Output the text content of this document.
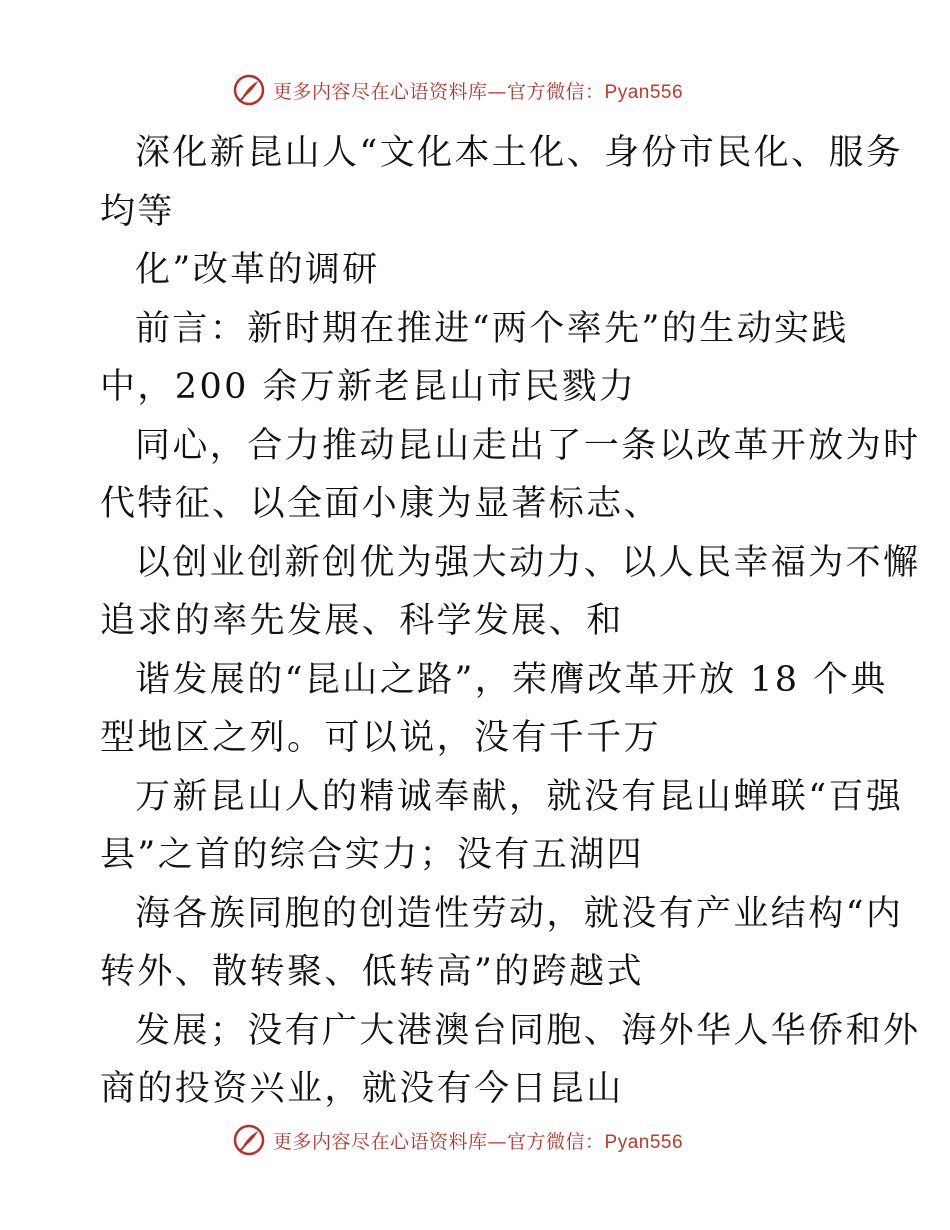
更多内容尽在心语资料库—官方微信：Pyan556
深化新昆山人“文化本土化、身份市民化、服务
均等
化”改革的调研
前言：新时期在推进“两个率先”的生动实践
中，200 余万新老昆山市民戮力
同心，合力推动昆山走出了一条以改革开放为时
代特征、以全面小康为显著标志、
以创业创新创优为强大动力、以人民幸福为不懈
追求的率先发展、科学发展、和
谐发展的“昆山之路”，荣膺改革开放 18 个典
型地区之列。可以说，没有千千万
万新昆山人的精诚奉献，就没有昆山蝉联“百强
县”之首的综合实力；没有五湖四
海各族同胞的创造性劳动，就没有产业结构“内
转外、散转聚、低转高”的跨越式
发展；没有广大港澳台同胞、海外华人华侨和外
商的投资兴业，就没有今日昆山
更多内容尽在心语资料库—官方微信：Pyan556
